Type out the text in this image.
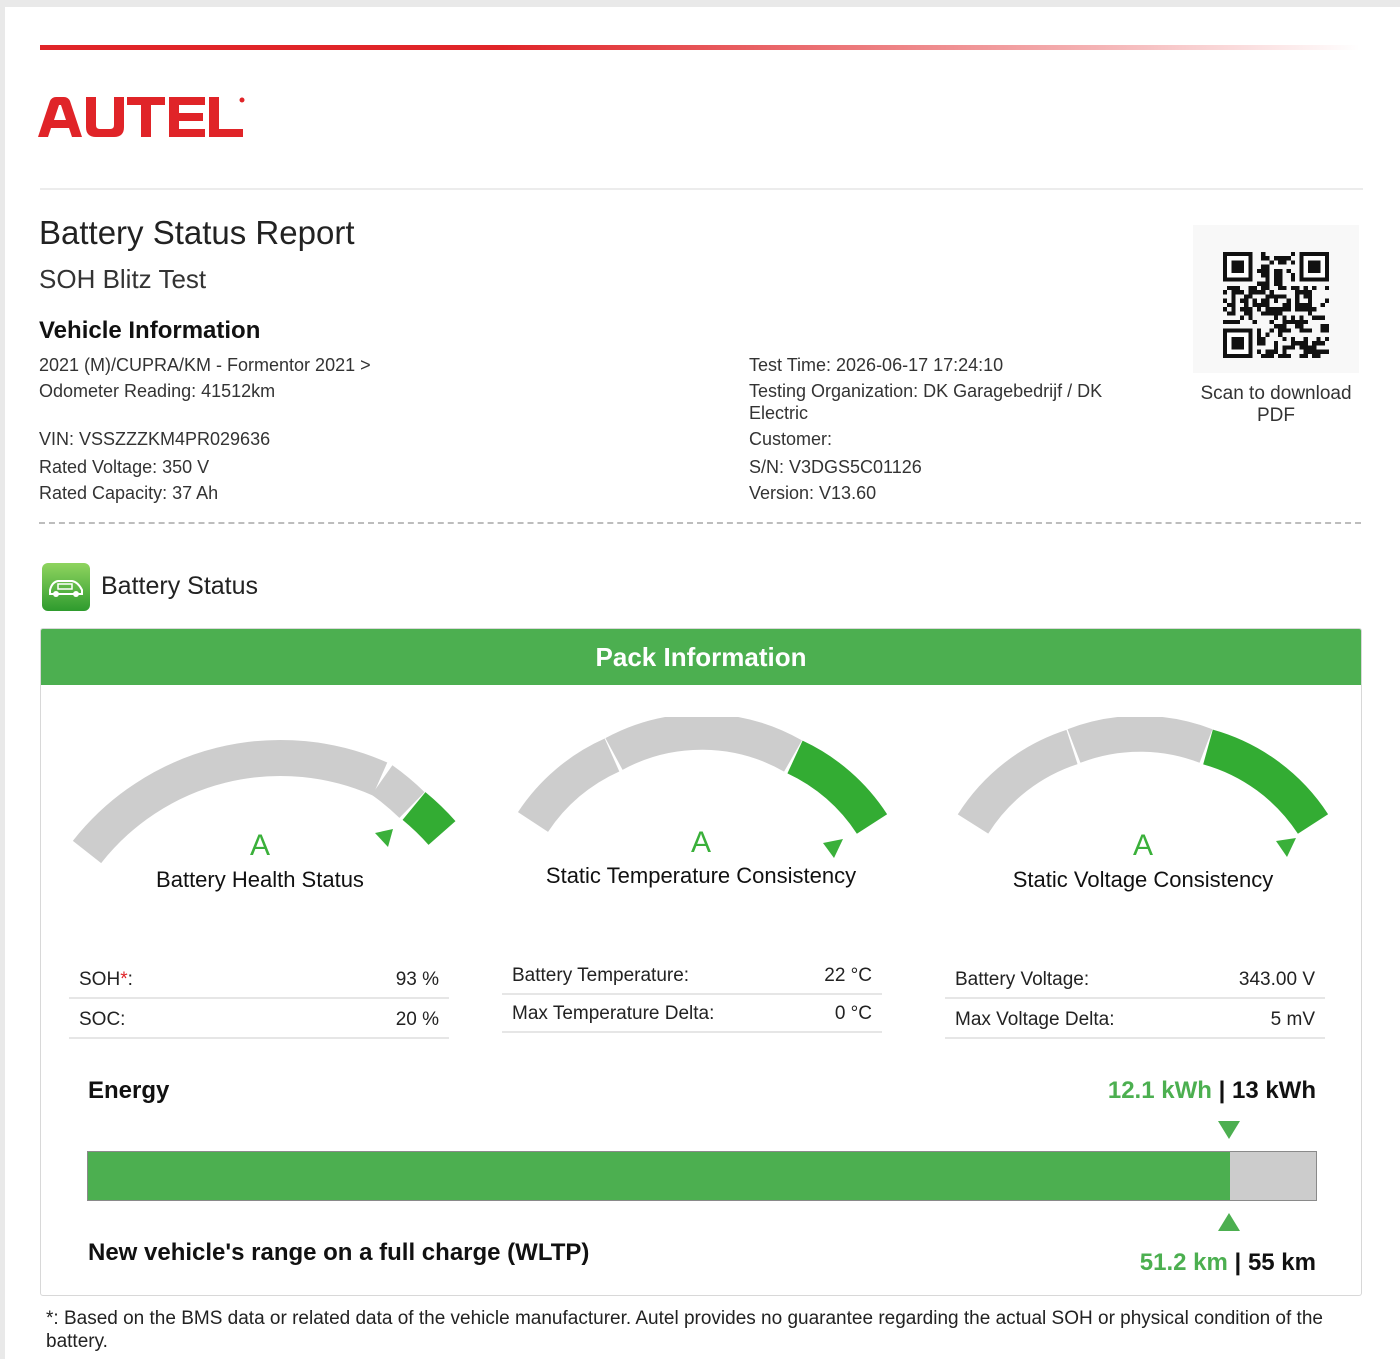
Battery Status Report
SOH Blitz Test
Vehicle Information
2021 (M)/CUPRA/KM - Formentor 2021 >
Odometer Reading: 41512km
VIN: VSSZZZKM4PR029636
Rated Voltage: 350 V
Rated Capacity: 37 Ah
Test Time: 2026-06-17 17:24:10
Testing Organization: DK Garagebedrijf / DK
Electric
Customer:
S/N: V3DGS5C01126
Version: V13.60
Scan to download
PDF
Battery Status
Pack Information
A
Battery Health Status
A
Static Temperature Consistency
A
Static Voltage Consistency
SOH*:	93 %
SOC:	20 %
Battery Temperature:	22 °C
Max Temperature Delta:	0 °C
Battery Voltage:	343.00 V
Max Voltage Delta:	5 mV
Energy	12.1 kWh | 13 kWh
New vehicle's range on a full charge (WLTP)	51.2 km | 55 km
*: Based on the BMS data or related data of the vehicle manufacturer. Autel provides no guarantee regarding the actual SOH or physical condition of the battery.
